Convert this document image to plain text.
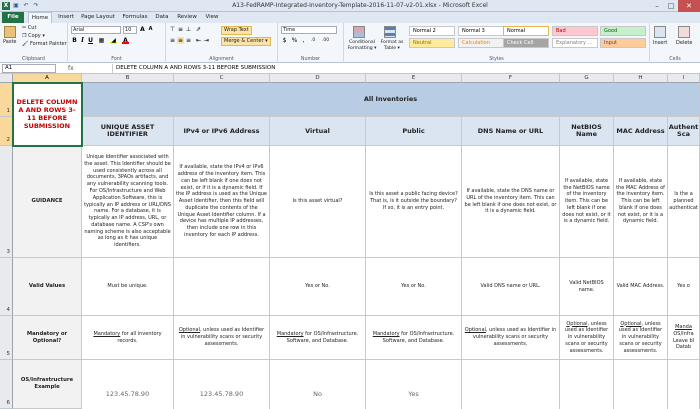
X ▣ ↶ ↷	A13-FedRAMP-Integrated-Inventory-Template-2016-11-07-v2-01.xlsx - Microsoft Excel	–	□	✕
File	Home	Insert	Page Layout	Formulas	Data	Review	View
Paste
✂ Cut
❐ Copy ▾
🖌 Format Painter
Clipboard
Arial	10	A A
B I U ▦ ◢ A
Font
⊤ ≡ ⊥ ⇗
≡ ≡ ≡ ⇤ ⇥
Wrap Text
Merge & Center ▾
Alignment
Time
$ % ,	.0 .00
Number
Conditional Formatting ▾
Format as Table ▾
Normal 2	Normal 3	Normal	Bad	Good
Neutral	Calculation	Check Cell	Explanatory ...	Input
Styles
Insert Delete
Cells
A1	fx	DELETE COLUMN A AND ROWS 3-11 BEFORE SUBMISSION
A	B	C	D	E	F	G	H	I
1
2
3
4
5
6
DELETE COLUMN A AND ROWS 3-11 BEFORE SUBMISSION
All Inventories
UNIQUE ASSET IDENTIFIER	IPv4 or IPv6 Address	Virtual	Public	DNS Name or URL	NetBIOS Name	MAC Address Authent Sca
GUIDANCE
Valid Values
Mandatory or Optional?
OS/Infrastructure Example
Unique Identifier associated with the asset. This Identifier should be used consistently across all documents, 3PAOs artifacts, and any vulnerability scanning tools. For OS/Infrastructure and Web Application Software, this is typically an IP address or URL/DNS name. For a database, it is typically an IP address, URL, or database name. A CSP's own naming scheme is also acceptable as long as it has unique identifiers.
Must be unique.
Mandatory for all inventory records.
123.45.78.90
If available, state the IPv4 or IPv6 address of the inventory item. This can be left blank if one does not exist, or if it is a dynamic field. If the IP address is used as the Unique Asset Identifier, then this field will duplicate the contents of the Unique Asset Identifier column. If a device has multiple IP addresses, then include one row in this inventory for each IP address.
Optional, unless used as Identifier in vulnerability scans or security assessments.
123.45.78.90
Is this asset virtual?
Yes or No.
Mandatory for OS/Infrastructure. Software, and Database.
No
Is this asset a public facing device? That is, is it outside the boundary? If so, it is an entry point.
Yes or No.
Mandatory for OS/Infrastructure. Software, and Database.
Yes
If available, state the DNS name or URL of the inventory item. This can be left blank if one does not exist, or it is a dynamic field.
Valid DNS name or URL.
Optional, unless used as Identifier in vulnerability scans or security assessments.
If available, state the NetBIOS name of the inventory item. This can be left blank if one does not exist, or it is a dynamic field.
Valid NetBIOS name.
Optional, unless used as Identifier in vulnerability scans or security assessments.
If available, state the MAC Address of the inventory item. This can be left blank if one does not exist, or it is a dynamic field.
Valid MAC Address.
Optional, unless used as Identifier in vulnerability scans or security assessments.
Is the a planned authenticat
Yes o
Manda OS/Infra Leave bl Datab
